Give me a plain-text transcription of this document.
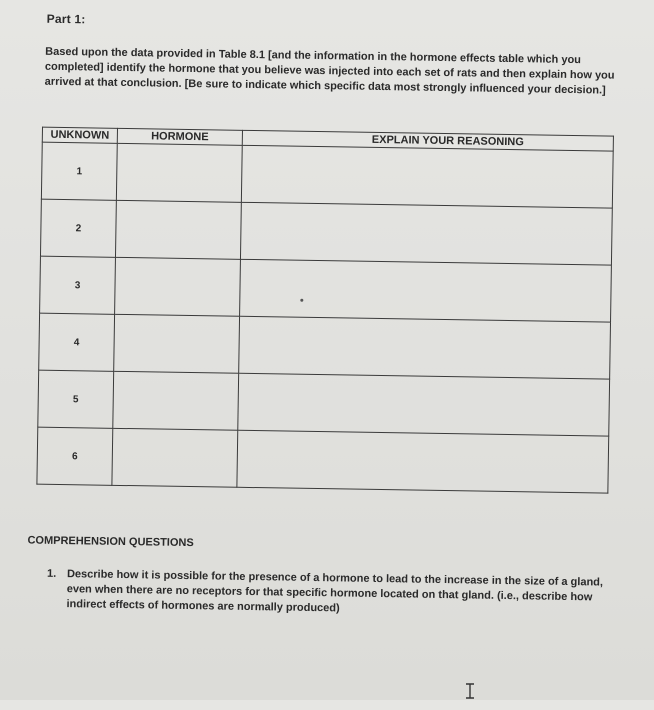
Part 1:
Based upon the data provided in Table 8.1 [and the information in the hormone effects table which you completed] identify the hormone that you believe was injected into each set of rats and then explain how you arrived at that conclusion. [Be sure to indicate which specific data most strongly influenced your decision.]
UNKNOWN	HORMONE	EXPLAIN YOUR REASONING
1		
2		
3		
4		
5		
6		
COMPREHENSION QUESTIONS
1. Describe how it is possible for the presence of a hormone to lead to the increase in the size of a gland, even when there are no receptors for that specific hormone located on that gland. (i.e., describe how indirect effects of hormones are normally produced)
